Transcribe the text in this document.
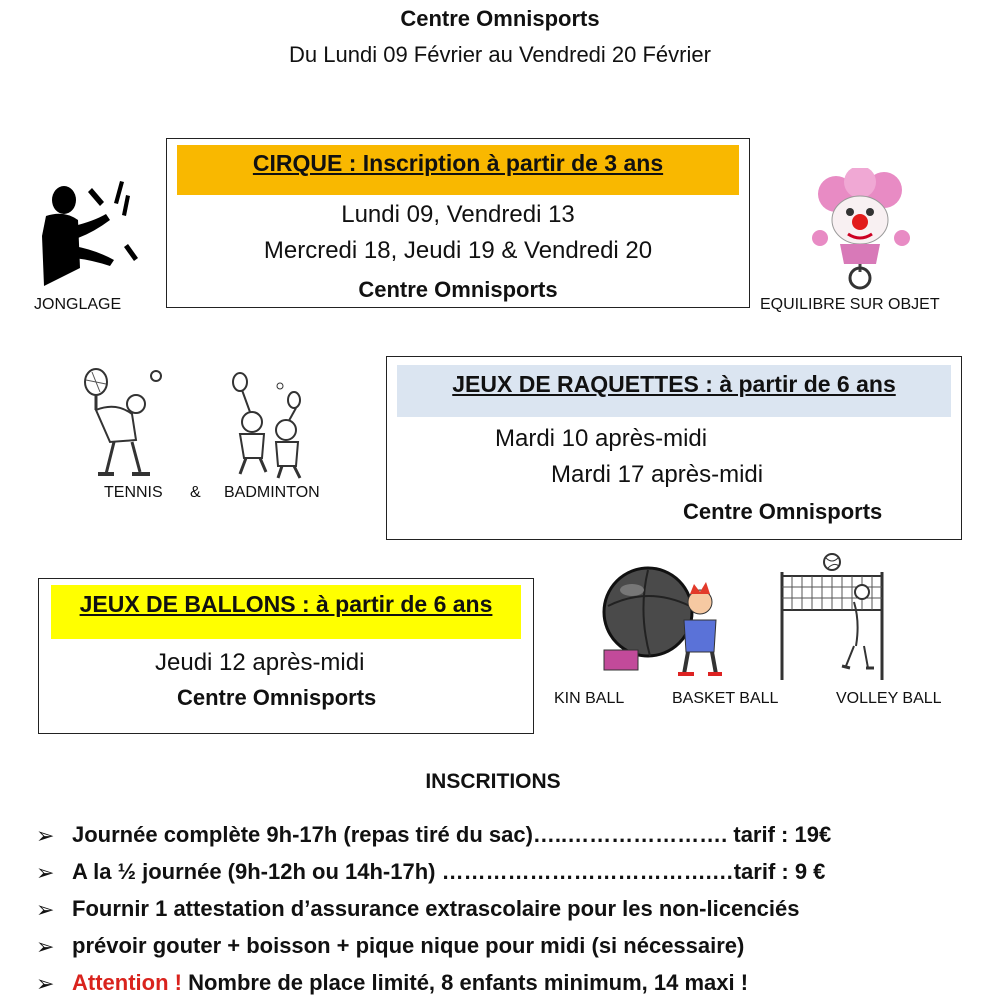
Centre Omnisports
Du Lundi 09 Février au Vendredi 20 Février
CIRQUE : Inscription à partir de 3 ans
Lundi 09, Vendredi 13
Mercredi 18, Jeudi 19 & Vendredi 20
Centre Omnisports
JONGLAGE	EQUILIBRE SUR OBJET
TENNIS & BADMINTON
JEUX DE RAQUETTES : à partir de 6 ans
Mardi 10 après-midi
Mardi 17 après-midi
Centre Omnisports
JEUX DE BALLONS : à partir de 6 ans
Jeudi 12 après-midi
Centre Omnisports	KIN BALL	BASKET BALL	VOLLEY BALL
INSCRITIONS
➢ Journée complète 9h-17h (repas tiré du sac)…..…………………. tarif : 19€
➢ A la ½ journée (9h-12h ou 14h-17h) ……………………………….…tarif : 9 €
➢ Fournir 1 attestation d’assurance extrascolaire pour les non-licenciés
➢ prévoir gouter + boisson + pique nique pour midi (si nécessaire)
➢ Attention ! Nombre de place limité, 8 enfants minimum, 14 maxi !
